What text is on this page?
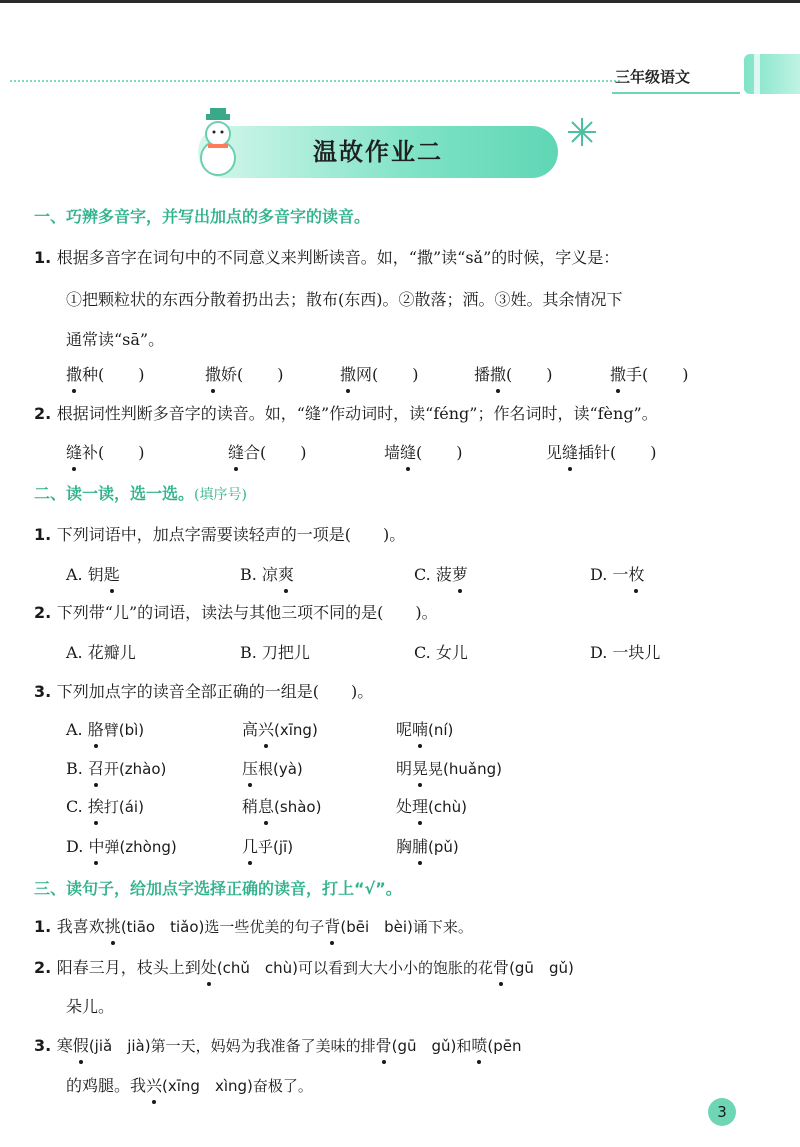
三年级语文
温故作业二
一、巧辨多音字，并写出加点的多音字的读音。
1. 根据多音字在词句中的不同意义来判断读音。如，“撒”读“sǎ”的时候，字义是：
①把颗粒状的东西分散着扔出去；散布(东西)。②散落；洒。③姓。其余情况下
通常读“sā”。
撒种( )	撒娇( )	撒网( )	播撒( )	撒手( )
2. 根据词性判断多音字的读音。如，“缝”作动词时，读“féng”；作名词时，读“fèng”。
缝补( )	缝合( )	墙缝( )	见缝插针( )
二、读一读，选一选。(填序号)
1. 下列词语中，加点字需要读轻声的一项是(　　)。
A. 钥匙	B. 凉爽	C. 菠萝	D. 一枚
2. 下列带“儿”的词语，读法与其他三项不同的是(　　)。
A. 花瓣儿	B. 刀把儿	C. 女儿	D. 一块儿
3. 下列加点字的读音全部正确的一组是(　　)。
A. 胳臂(bì)	高兴(xīng)	呢喃(ní)
B. 召开(zhào)	压根(yà)	明晃晃(huǎng)
C. 挨打(ái)	稍息(shào)	处理(chù)
D. 中弹(zhòng)	几乎(jī)	胸脯(pǔ)
三、读句子，给加点字选择正确的读音，打上“√”。
1. 我喜欢挑(tiāo　tiǎo)选一些优美的句子背(bēi　bèi)诵下来。
2. 阳春三月，枝头上到处(chǔ　chù)可以看到大大小小的饱胀的花骨(gū　gǔ)
朵儿。
3. 寒假(jiǎ　jià)第一天，妈妈为我准备了美味的排骨(gū　gǔ)和喷(pēn
的鸡腿。我兴(xīng　xìng)奋极了。
3
